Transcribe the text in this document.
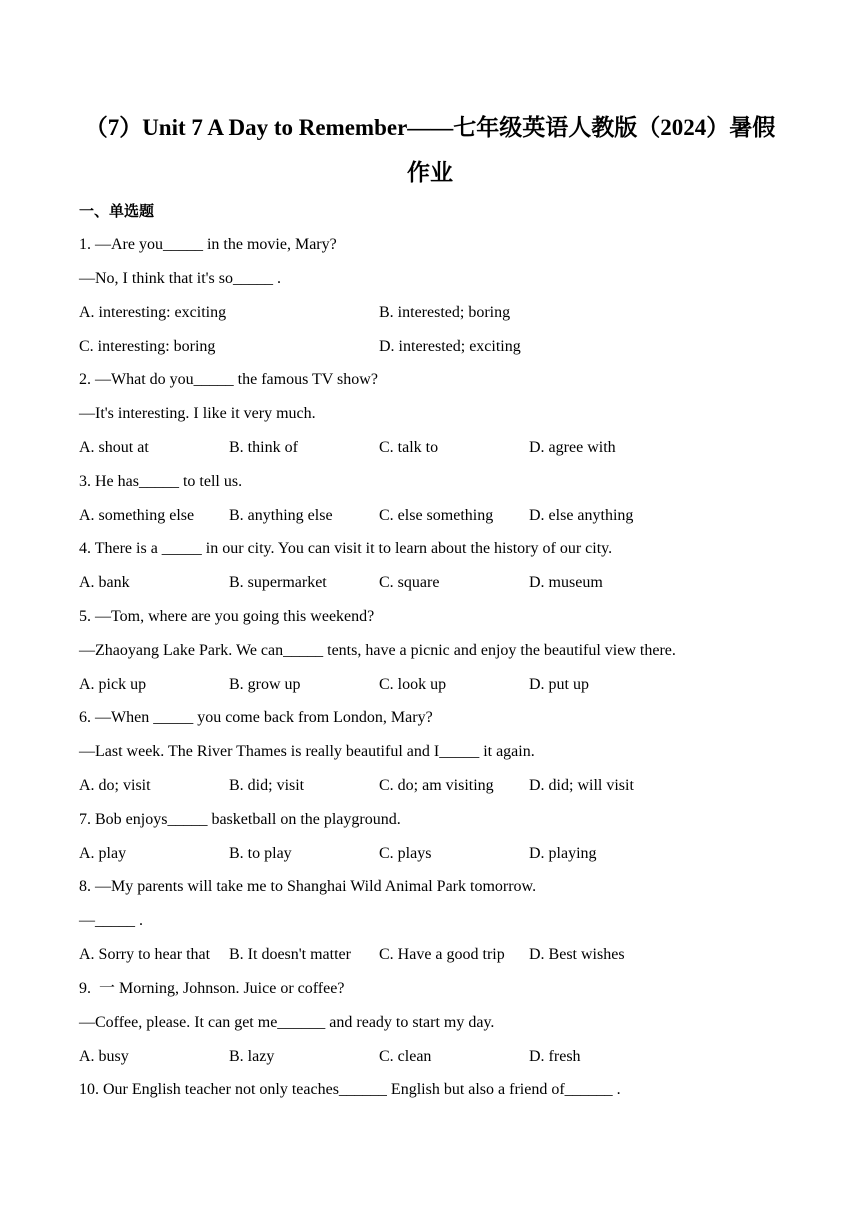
（7）Unit 7 A Day to Remember——七年级英语人教版（2024）暑假
作业
一、单选题
1. —Are you_____ in the movie, Mary?
—No, I think that it's so_____ .
A. interesting: exciting	B. interested; boring
C. interesting: boring	D. interested; exciting
2. —What do you_____ the famous TV show?
—It's interesting. I like it very much.
A. shout at	B. think of	C. talk to	D. agree with
3. He has_____ to tell us.
A. something else B. anything else	C. else something D. else anything
4. There is a _____ in our city. You can visit it to learn about the history of our city.
A. bank	B. supermarket	C. square	D. museum
5. —Tom, where are you going this weekend?
—Zhaoyang Lake Park. We can_____ tents, have a picnic and enjoy the beautiful view there.
A. pick up	B. grow up	C. look up	D. put up
6. —When _____ you come back from London, Mary?
—Last week. The River Thames is really beautiful and I_____ it again.
A. do; visit	B. did; visit	C. do; am visiting D. did; will visit
7. Bob enjoys_____ basketball on the playground.
A. play	B. to play	C. plays	D. playing
8. —My parents will take me to Shanghai Wild Animal Park tomorrow.
—_____ .
A. Sorry to hear that B. It doesn't matter C. Have a good trip D. Best wishes
9.  一 Morning, Johnson. Juice or coffee?
—Coffee, please. It can get me______ and ready to start my day.
A. busy	B. lazy	C. clean	D. fresh
10. Our English teacher not only teaches______ English but also a friend of______ .
